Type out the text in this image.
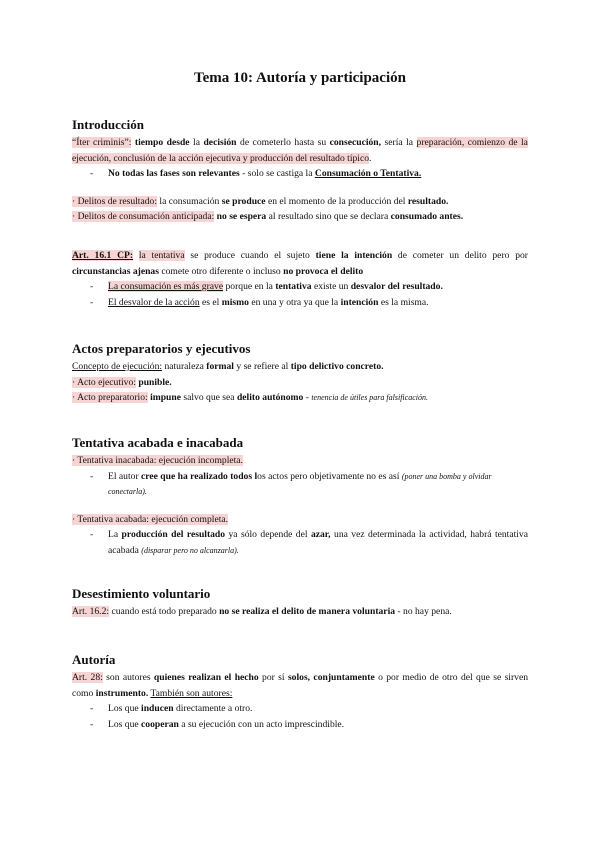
Tema 10: Autoría y participación
Introducción

“Íter criminis”: tiempo desde la decisión de cometerlo hasta su consecución, sería la preparación, comienzo de la ejecución, conclusión de la acción ejecutiva y producción del resultado típico.

- No todas las fases son relevantes - solo se castiga la Consumación o Tentativa.

· Delitos de resultado: la consumación se produce en el momento de la producción del resultado.

· Delitos de consumación anticipada: no se espera al resultado sino que se declara consumado antes.

Art. 16.1 CP: la tentativa se produce cuando el sujeto tiene la intención de cometer un delito pero por circunstancias ajenas comete otro diferente o incluso no provoca el delito

- La consumación es más grave porque en la tentativa existe un desvalor del resultado.
- El desvalor de la acción es el mismo en una y otra ya que la intención es la misma.
Actos preparatorios y ejecutivos

Concepto de ejecución: naturaleza formal y se refiere al tipo delictivo concreto.

· Acto ejecutivo: punible.

· Acto preparatorio: impune salvo que sea delito autónomo - tenencia de útiles para falsificación.

Tentativa acabada e inacabada

· Tentativa inacabada: ejecución incompleta.

- El autor cree que ha realizado todos los actos pero objetivamente no es así (poner una bomba y olvidar conectarla).

· Tentativa acabada: ejecución completa.

- La producción del resultado ya sólo depende del azar, una vez determinada la actividad, habrá tentativa acabada (disparar pero no alcanzarla).
Desestimiento voluntario

Art. 16.2: cuando está todo preparado no se realiza el delito de manera voluntaria - no hay pena.

Autoría

Art. 28: son autores quienes realizan el hecho por sí solos, conjuntamente o por medio de otro del que se sirven como instrumento. También son autores:

- Los que inducen directamente a otro.
- Los que cooperan a su ejecución con un acto imprescindible.
